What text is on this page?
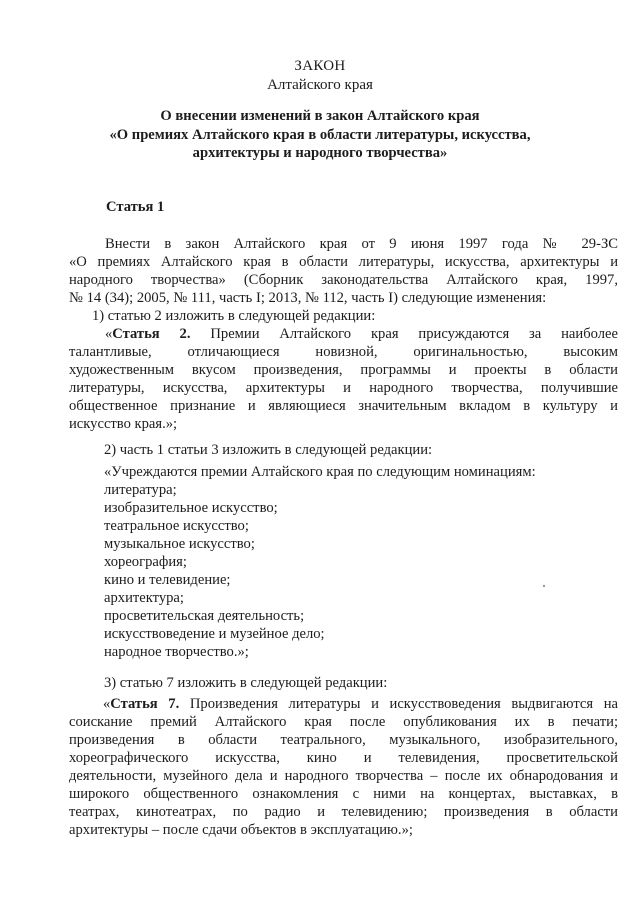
ЗАКОН
Алтайского края
О внесении изменений в закон Алтайского края
«О премиях Алтайского края в области литературы, искусства,
архитектуры и народного творчества»
Статья 1
Внести в закон Алтайского края от 9 июня 1997 года № 29-ЗС
«О премиях Алтайского края в области литературы, искусства, архитектуры и
народного творчества» (Сборник законодательства Алтайского края, 1997,
№ 14 (34); 2005, № 111, часть I; 2013, № 112, часть I) следующие изменения:
1) статью 2 изложить в следующей редакции:
«Статья 2. Премии Алтайского края присуждаются за наиболее
талантливые, отличающиеся новизной, оригинальностью, высоким
художественным вкусом произведения, программы и проекты в области
литературы, искусства, архитектуры и народного творчества, получившие
общественное признание и являющиеся значительным вкладом в культуру и
искусство края.»;
2) часть 1 статьи 3 изложить в следующей редакции:
«Учреждаются премии Алтайского края по следующим номинациям:
литература;
изобразительное искусство;
театральное искусство;
музыкальное искусство;
хореография;
кино и телевидение;
архитектура;
просветительская деятельность;
искусствоведение и музейное дело;
народное творчество.»;
3) статью 7 изложить в следующей редакции:
«Статья 7. Произведения литературы и искусствоведения выдвигаются на
соискание премий Алтайского края после опубликования их в печати;
произведения в области театрального, музыкального, изобразительного,
хореографического искусства, кино и телевидения, просветительской
деятельности, музейного дела и народного творчества – после их обнародования и
широкого общественного ознакомления с ними на концертах, выставках, в
театрах, кинотеатрах, по радио и телевидению; произведения в области
архитектуры – после сдачи объектов в эксплуатацию.»;
